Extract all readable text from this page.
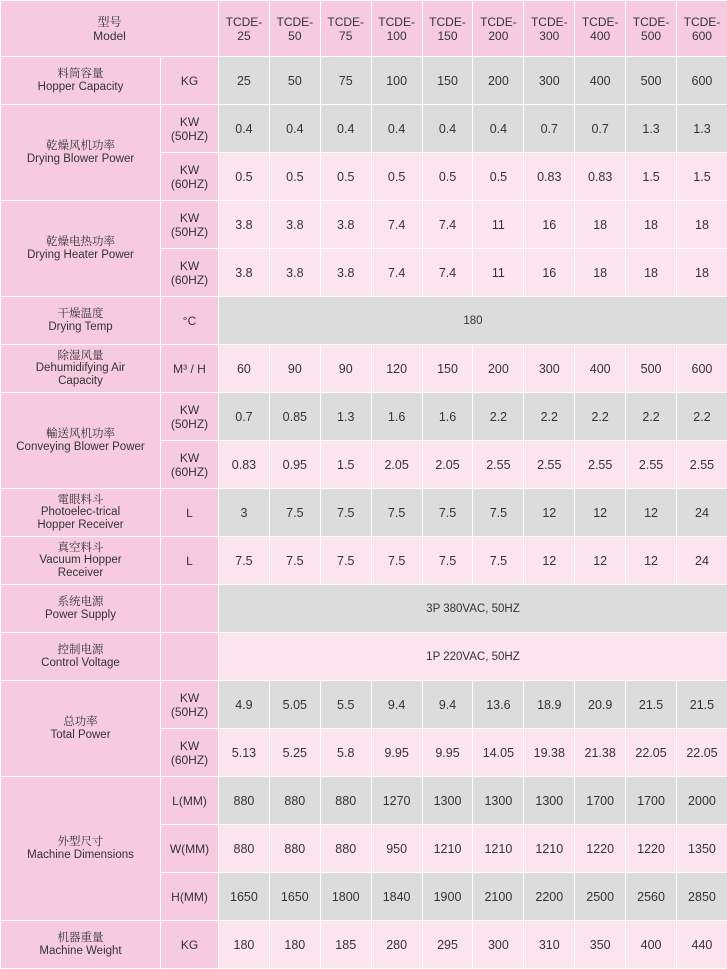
型号
Model		TCDE-25	TCDE-50	TCDE-75	TCDE-100	TCDE-150	TCDE-200	TCDE-300	TCDE-400	TCDE-500	TCDE-600

料筒容量
Hopper Capacity	KG	25	50	75	100	150	200	300	400	500	600

乾燥风机功率
Drying Blower Power	KW
(50HZ)	0.4	0.4	0.4	0.4	0.4	0.4	0.7	0.7	1.3	1.3
	KW
(60HZ)	0.5	0.5	0.5	0.5	0.5	0.5	0.83	0.83	1.5	1.5

乾燥电热功率
Drying Heater Power	KW
(50HZ)	3.8	3.8	3.8	7.4	7.4	11	16	18	18	18
	KW
(60HZ)	3.8	3.8	3.8	7.4	7.4	11	16	18	18	18

干燥温度
Drying Temp	°C	180									

除湿风量
Dehumidifying Air
Capacity	M³ / H	60	90	90	120	150	200	300	400	500	600

輸送风机功率
Conveying Blower Power	KW
(50HZ)	0.7	0.85	1.3	1.6	1.6	2.2	2.2	2.2	2.2	2.2
	KW
(60HZ)	0.83	0.95	1.5	2.05	2.05	2.55	2.55	2.55	2.55	2.55

電眼料斗
Photoelec-trical
Hopper Receiver	L	3	7.5	7.5	7.5	7.5	7.5	12	12	12	24

真空料斗
Vacuum Hopper
Receiver	L	7.5	7.5	7.5	7.5	7.5	7.5	12	12	12	24

系统电源
Power Supply		3P 380VAC, 50HZ									

控制电源
Control Voltage		1P 220VAC, 50HZ									

总功率
Total Power	KW
(50HZ)	4.9	5.05	5.5	9.4	9.4	13.6	18.9	20.9	21.5	21.5
	KW
(60HZ)	5.13	5.25	5.8	9.95	9.95	14.05	19.38	21.38	22.05	22.05

外型尺寸
Machine Dimensions	L(MM)	880	880	880	1270	1300	1300	1300	1700	1700	2000
	W(MM)	880	880	880	950	1210	1210	1210	1220	1220	1350
	H(MM)	1650	1650	1800	1840	1900	2100	2200	2500	2560	2850

机器重量
Machine Weight	KG	180	180	185	280	295	300	310	350	400	440
